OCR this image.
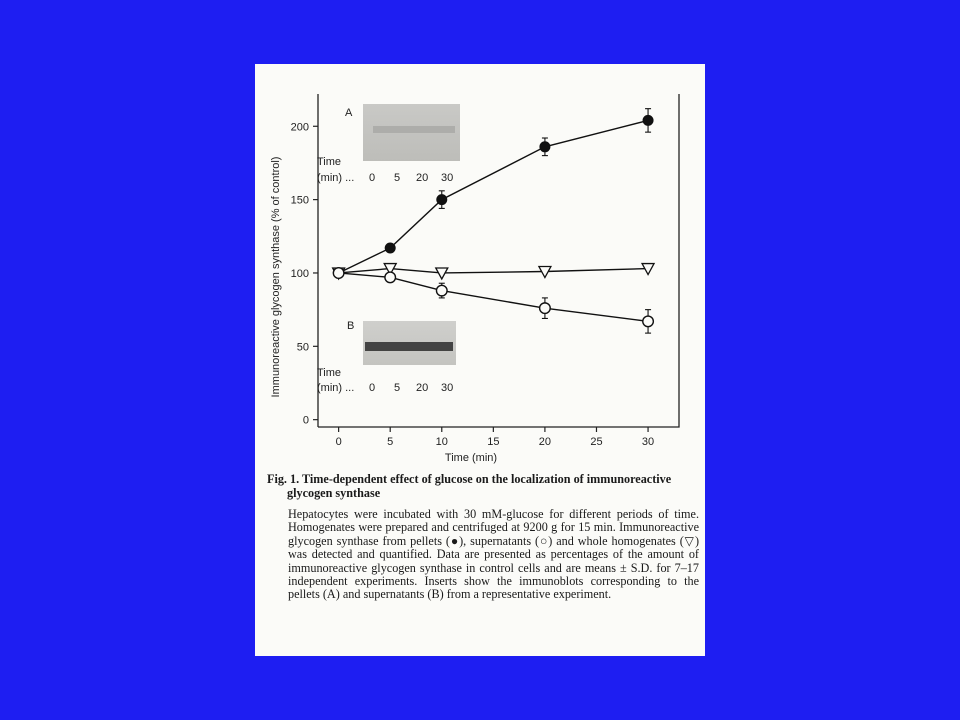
A
Time
(min) ... 0 5 20 30
B
Time
(min) ... 0 5 20 30
Time (min)
Immunoreactive glycogen synthase (% of control)
0	5	10	15	20	25	30
0
50
100
150
200

Fig. 1. Time-dependent effect of glucose on the localization of immunoreactive glycogen synthase

Hepatocytes were incubated with 30 mM-glucose for different periods of time. Homogenates were prepared and centrifuged at 9200 g for 15 min. Immunoreactive glycogen synthase from pellets (●), supernatants (○) and whole homogenates (▽) was detected and quantified. Data are presented as percentages of the amount of immunoreactive glycogen synthase in control cells and are means ± S.D. for 7–17 independent experiments. Inserts show the immunoblots corresponding to the pellets (A) and supernatants (B) from a representative experiment.
